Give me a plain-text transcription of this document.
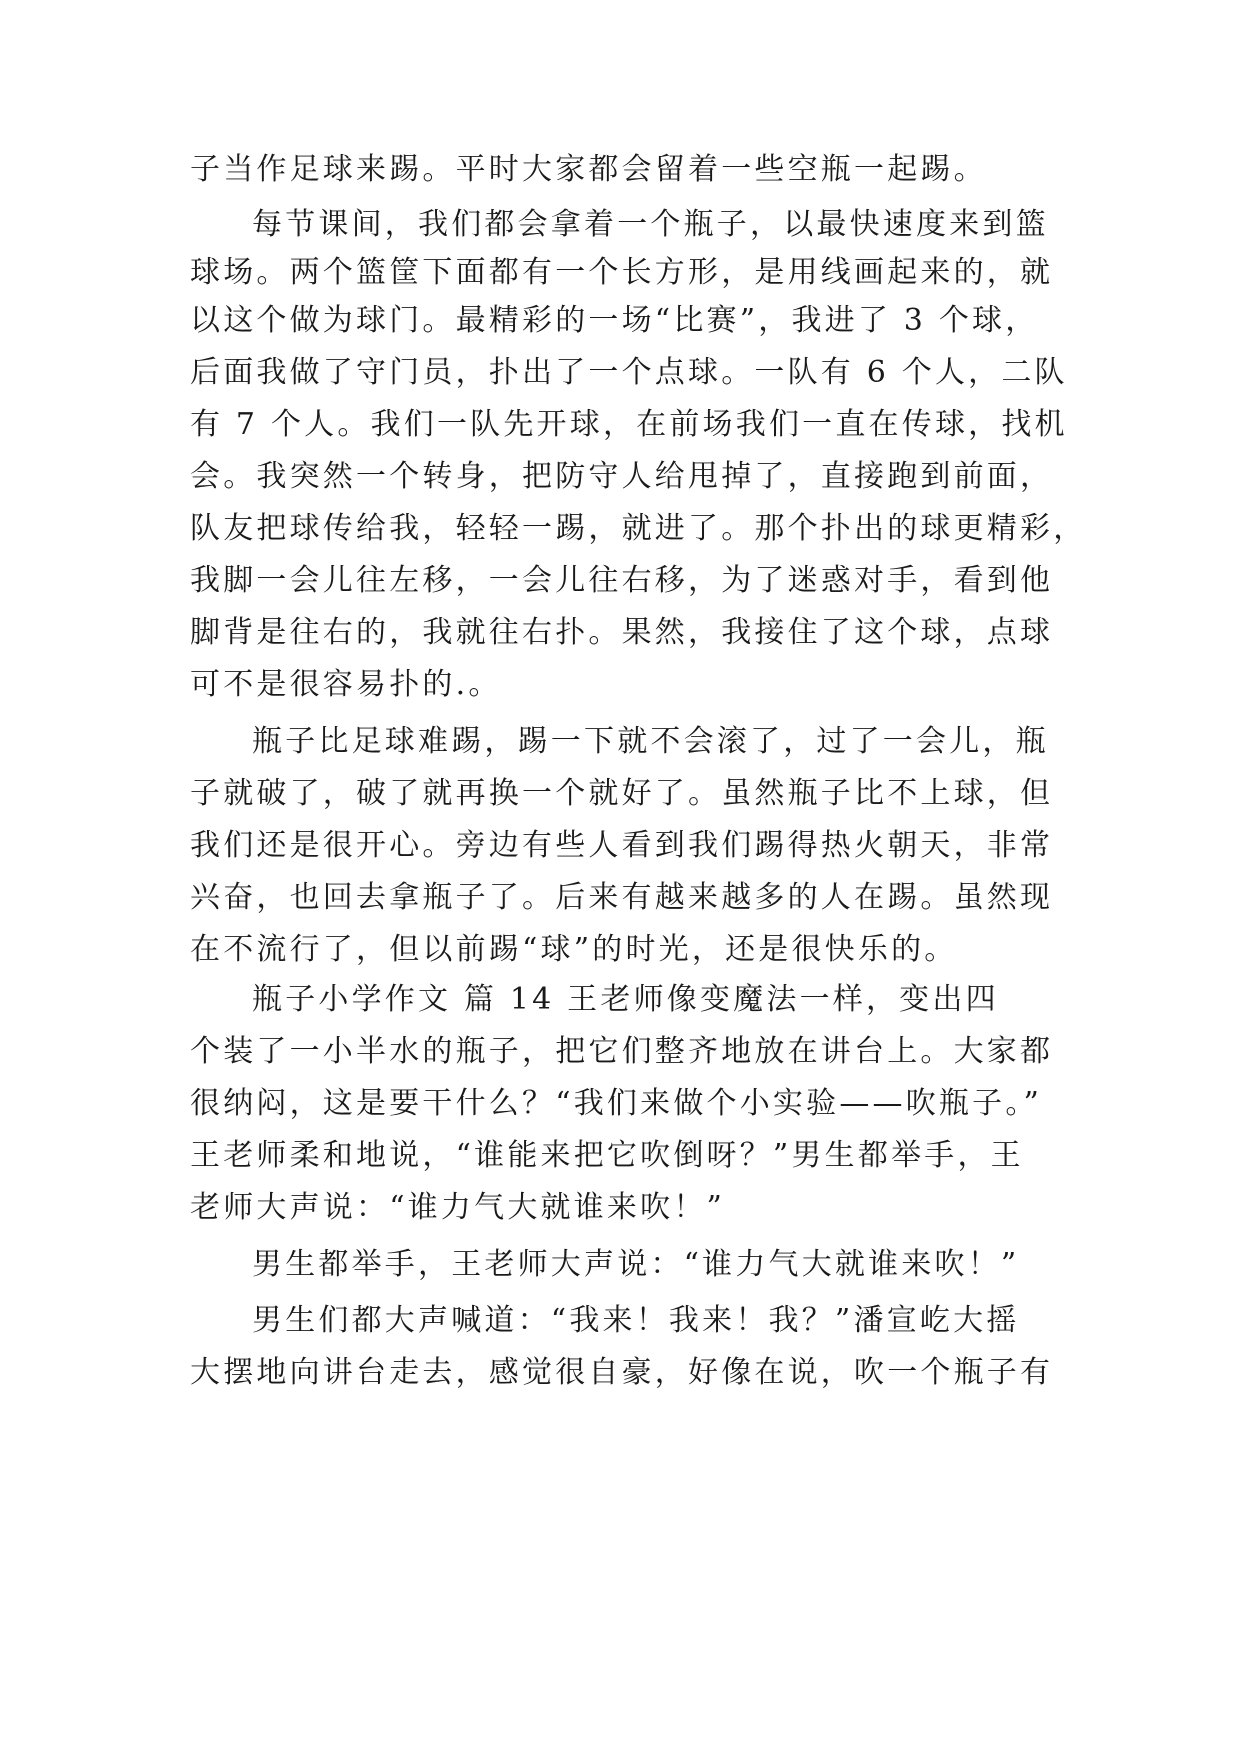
子当作足球来踢。平时大家都会留着一些空瓶一起踢。
每节课间，我们都会拿着一个瓶子，以最快速度来到篮
球场。两个篮筐下面都有一个长方形，是用线画起来的，就
以这个做为球门。最精彩的一场“比赛”，我进了 3 个球，
后面我做了守门员，扑出了一个点球。一队有 6 个人，二队
有 7 个人。我们一队先开球，在前场我们一直在传球，找机
会。我突然一个转身，把防守人给甩掉了，直接跑到前面，
队友把球传给我，轻轻一踢，就进了。那个扑出的球更精彩，
我脚一会儿往左移，一会儿往右移，为了迷惑对手，看到他
脚背是往右的，我就往右扑。果然，我接住了这个球，点球
可不是很容易扑的.。
瓶子比足球难踢，踢一下就不会滚了，过了一会儿，瓶
子就破了，破了就再换一个就好了。虽然瓶子比不上球，但
我们还是很开心。旁边有些人看到我们踢得热火朝天，非常
兴奋，也回去拿瓶子了。后来有越来越多的人在踢。虽然现
在不流行了，但以前踢“球”的时光，还是很快乐的。
瓶子小学作文 篇 14 王老师像变魔法一样，变出四
个装了一小半水的瓶子，把它们整齐地放在讲台上。大家都
很纳闷，这是要干什么？“我们来做个小实验——吹瓶子。”
王老师柔和地说，“谁能来把它吹倒呀？”男生都举手，王
老师大声说：“谁力气大就谁来吹！”
男生都举手，王老师大声说：“谁力气大就谁来吹！”
男生们都大声喊道：“我来！我来！我？”潘宣屹大摇
大摆地向讲台走去，感觉很自豪，好像在说，吹一个瓶子有
